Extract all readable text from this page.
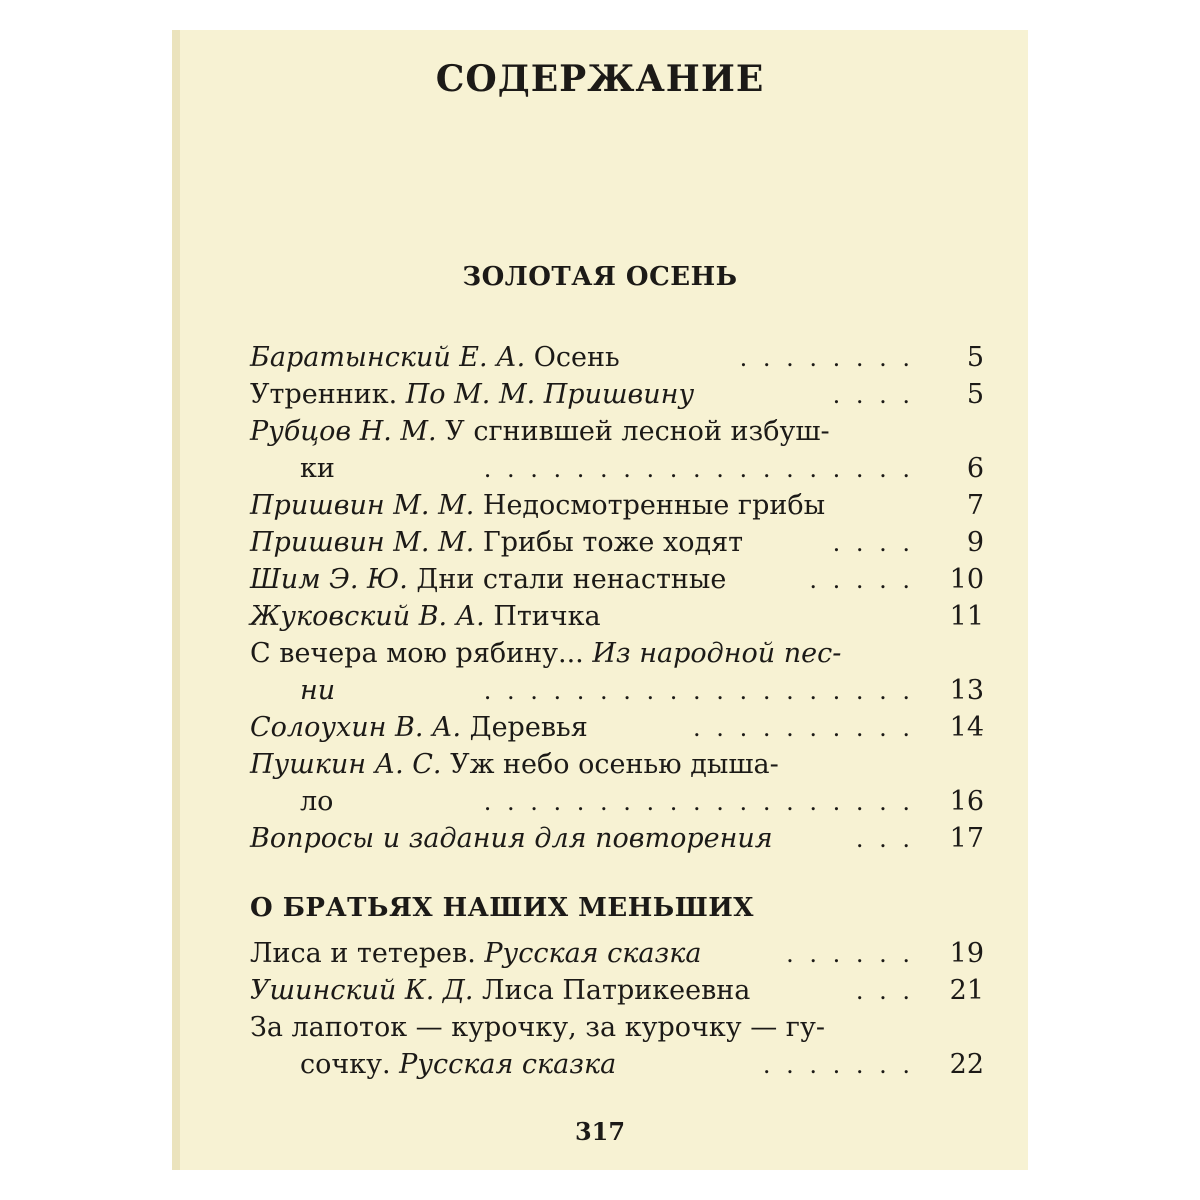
СОДЕРЖАНИЕ
ЗОЛОТАЯ ОСЕНЬ
Баратынский Е. А. Осень	. . . . . . . . 5
Утренник. По М. М. Пришвину	. . . . 5
Рубцов Н. М. У сгнившей лесной избуш-
ки	. . . . . . . . . . . . . . . . . . . 6
Пришвин М. М. Недосмотренные грибы	7
Пришвин М. М. Грибы тоже ходят	. . . . 9
Шим Э. Ю. Дни стали ненастные	. . . . . 10
Жуковский В. А. Птичка	11
С вечера мою рябину... Из народной пес-
ни	. . . . . . . . . . . . . . . . . . . 13
Солоухин В. А. Деревья	. . . . . . . . . . 14
Пушкин А. С. Уж небо осенью дыша-
ло	. . . . . . . . . . . . . . . . . . . 16
Вопросы и задания для повторения	. . . 17
О БРАТЬЯХ НАШИХ МЕНЬШИХ
Лиса и тетерев. Русская сказка	. . . . . . 19
Ушинский К. Д. Лиса Патрикеевна	. . . 21
За лапоток — курочку, за курочку — гу-
сочку. Русская сказка	. . . . . . . 22
317
